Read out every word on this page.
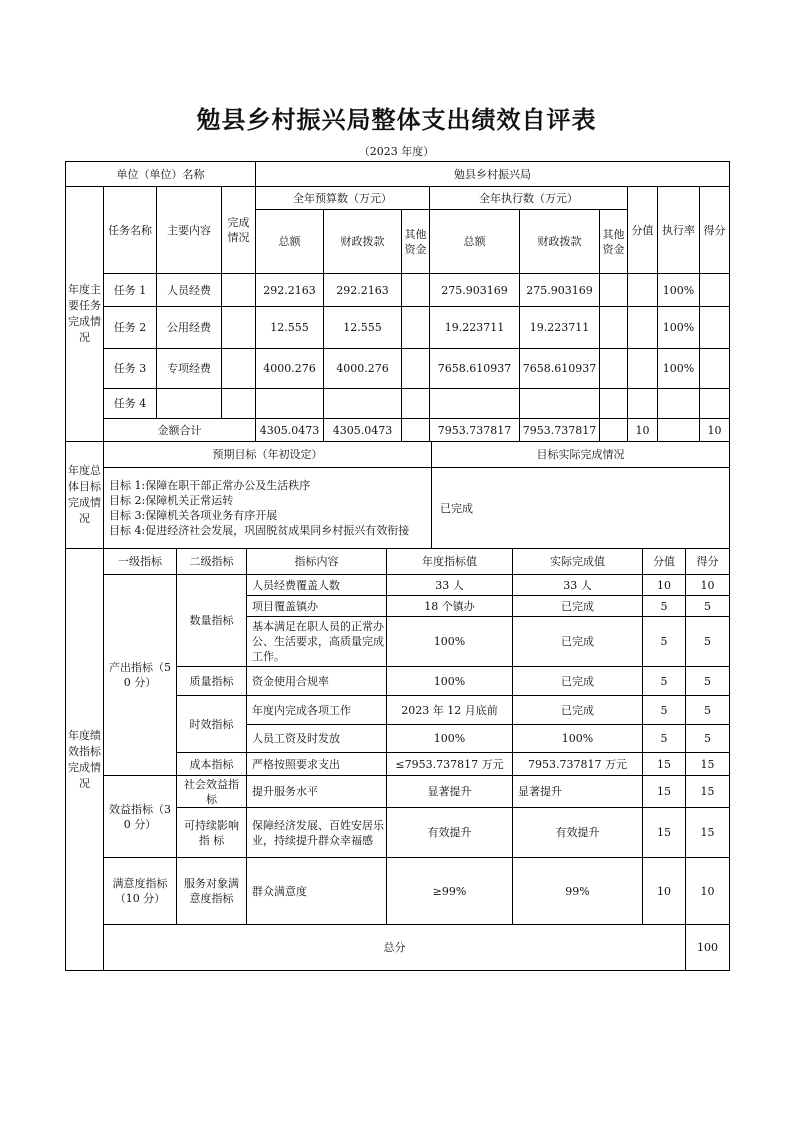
勉县乡村振兴局整体支出绩效自评表
（2023 年度）
单位（单位）名称				勉县乡村振兴局								
年度主要任务完成情况	任务名称	主要内容	完成情况	全年预算数（万元）			全年执行数（万元）			分值	执行率	得分
				总额	财政拨款	其他资金	总额	财政拨款	其他资金			
	任务 1	人员经费		292.2163	292.2163		275.903169	275.903169			100%	
	任务 2	公用经费		12.555	12.555		19.223711	19.223711			100%	
	任务 3	专项经费		4000.276	4000.276		7658.610937	7658.610937			100%	
	任务 4											
	金额合计			4305.0473	4305.0473		7953.737817	7953.737817		10		10
年度总体目标完成情况	预期目标（年初设定）	目标实际完成情况

	目标 1:保障在职干部正常办公及生活秩序
目标 2:保障机关正常运转
目标 3:保障机关各项业务有序开展
目标 4:促进经济社会发展，巩固脱贫成果同乡村振兴有效衔接	已完成
年度绩效指标完成情况	一级指标	二级指标	指标内容	年度指标值	实际完成值	分值	得分	
	产出指标（50 分）	数量指标	人员经费覆盖人数	33 人	33 人	10	10	
			项目覆盖镇办	18 个镇办	已完成	5	5	
			基本满足在职人员的正常办公、生活要求，高质量完成工作。	100%	已完成	5	5	
		质量指标	资金使用合规率	100%	已完成	5	5	
		时效指标	年度内完成各项工作	2023 年 12 月底前	已完成	5	5	
			人员工资及时发放	100%	100%	5	5	
		成本指标	严格按照要求支出	≤7953.737817 万元	7953.737817 万元	15	15	
	效益指标（30 分）	社会效益指标	提升服务水平	显著提升	显著提升	15	15	
		可持续影响指 标	保障经济发展、百姓安居乐业，持续提升群众幸福感	有效提升	有效提升	15	15	
	满意度指标（10 分）	服务对象满意度指标	群众满意度	≥99%	99%	10	10	
	总分						100	
